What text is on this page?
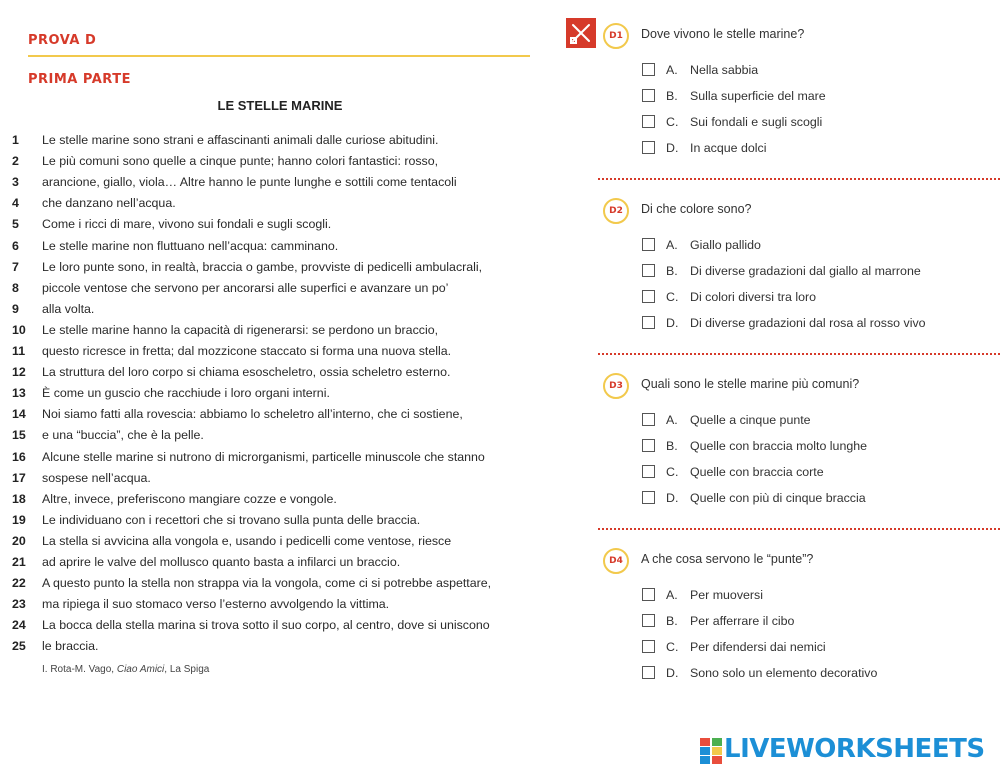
PROVA D
PRIMA PARTE
LE STELLE MARINE
1 Le stelle marine sono strani e affascinanti animali dalle curiose abitudini.
2 Le più comuni sono quelle a cinque punte; hanno colori fantastici: rosso,
3 arancione, giallo, viola… Altre hanno le punte lunghe e sottili come tentacoli
4 che danzano nell’acqua.
5 Come i ricci di mare, vivono sui fondali e sugli scogli.
6 Le stelle marine non fluttuano nell’acqua: camminano.
7 Le loro punte sono, in realtà, braccia o gambe, provviste di pedicelli ambulacrali,
8 piccole ventose che servono per ancorarsi alle superfici e avanzare un po’
9 alla volta.
10 Le stelle marine hanno la capacità di rigenerarsi: se perdono un braccio,
11 questo ricresce in fretta; dal mozzicone staccato si forma una nuova stella.
12 La struttura del loro corpo si chiama esoscheletro, ossia scheletro esterno.
13 È come un guscio che racchiude i loro organi interni.
14 Noi siamo fatti alla rovescia: abbiamo lo scheletro all’interno, che ci sostiene,
15 e una “buccia”, che è la pelle.
16 Alcune stelle marine si nutrono di microrganismi, particelle minuscole che stanno
17 sospese nell’acqua.
18 Altre, invece, preferiscono mangiare cozze e vongole.
19 Le individuano con i recettori che si trovano sulla punta delle braccia.
20 La stella si avvicina alla vongola e, usando i pedicelli come ventose, riesce
21 ad aprire le valve del mollusco quanto basta a infilarci un braccio.
22 A questo punto la stella non strappa via la vongola, come ci si potrebbe aspettare,
23 ma ripiega il suo stomaco verso l’esterno avvolgendo la vittima.
24 La bocca della stella marina si trova sotto il suo corpo, al centro, dove si uniscono
25 le braccia.
I. Rota-M. Vago, Ciao Amici, La Spiga
D1	Dove vivono le stelle marine?
A. Nella sabbia
B. Sulla superficie del mare
C. Sui fondali e sugli scogli
D. In acque dolci
D2	Di che colore sono?
A. Giallo pallido
B. Di diverse gradazioni dal giallo al marrone
C. Di colori diversi tra loro
D. Di diverse gradazioni dal rosa al rosso vivo
D3	Quali sono le stelle marine più comuni?
A. Quelle a cinque punte
B. Quelle con braccia molto lunghe
C. Quelle con braccia corte
D. Quelle con più di cinque braccia
D4	A che cosa servono le “punte”?
A. Per muoversi
B. Per afferrare il cibo
C. Per difendersi dai nemici
D. Sono solo un elemento decorativo
LIVEWORKSHEETS
